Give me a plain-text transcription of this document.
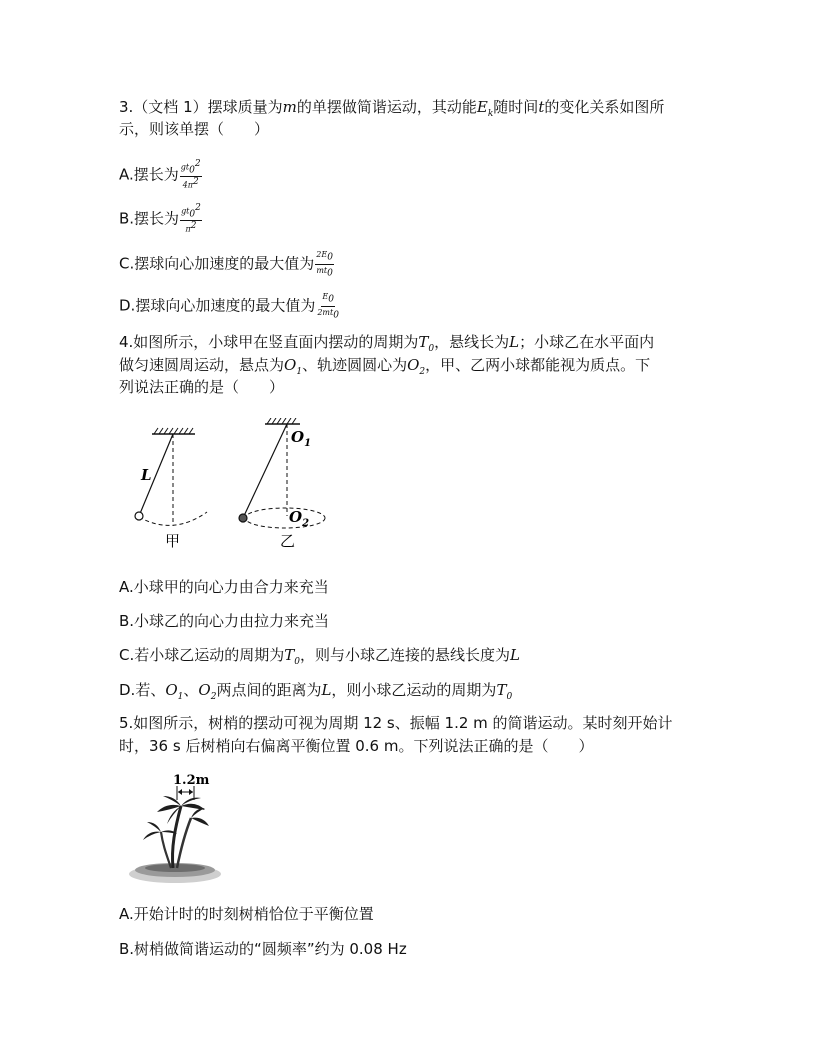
3.（文档 1）摆球质量为m的单摆做简谐运动，其动能$E_k$随时间t的变化关系如图所

示，则该单摆（　　）

A.摆长为 $\frac{gt_0^2}{4\pi^2}$

B.摆长为 $\frac{gt_0^2}{\pi^2}$

C.摆球向心加速度的最大值为 $\frac{2E_0}{mt_0}$

D.摆球向心加速度的最大值为 $\frac{E_0}{2mt_0}$

4.如图所示，小球甲在竖直面内摆动的周期为$T_0$，悬线长为L；小球乙在水平面内

做匀速圆周运动，悬点为$O_1$、轨迹圆圆心为$O_2$，甲、乙两小球都能视为质点。下

列说法正确的是（　　）

L
甲
$O_1$
$O_2$
乙

A.小球甲的向心力由合力来充当

B.小球乙的向心力由拉力来充当

C.若小球乙运动的周期为$T_0$，则与小球乙连接的悬线长度为L

D.若、$O_1$、$O_2$两点间的距离为L，则小球乙运动的周期为$T_0$

5.如图所示，树梢的摆动可视为周期 12 s、振幅 1.2 m 的简谐运动。某时刻开始计

时，36 s 后树梢向右偏离平衡位置 0.6 m。下列说法正确的是（　　）

1.2m

A.开始计时的时刻树梢恰位于平衡位置

B.树梢做简谐运动的“圆频率”约为 0.08 Hz
